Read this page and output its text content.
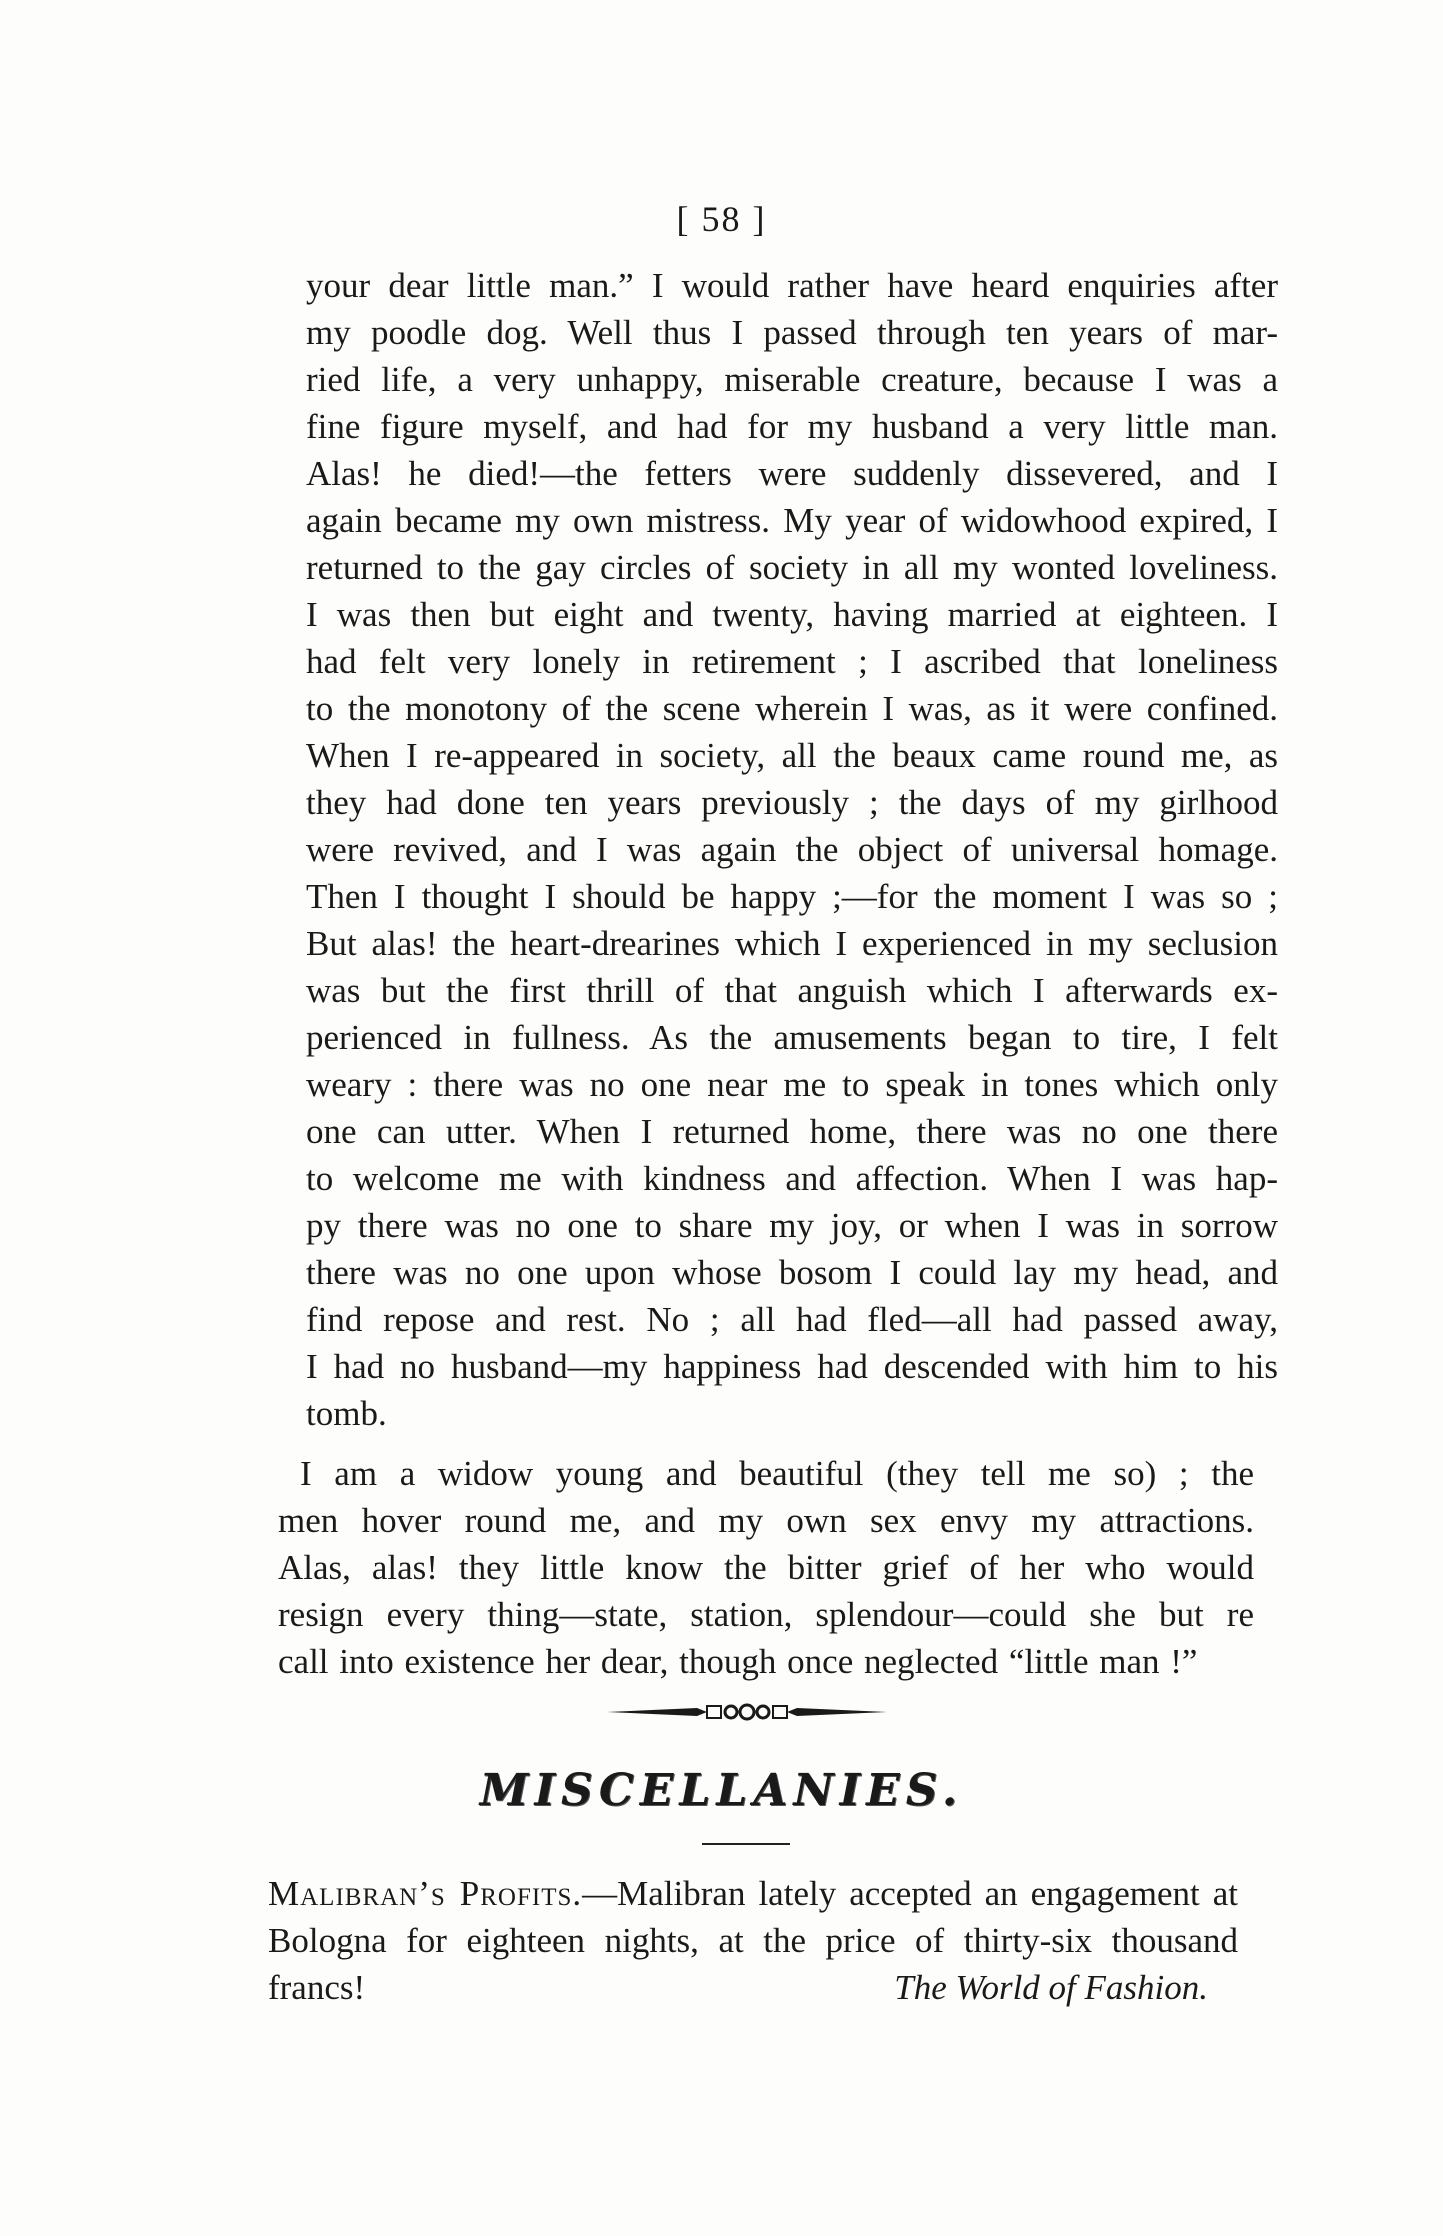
[ 58 ]
your dear little man.” I would rather have heard enquiries after
my poodle dog. Well thus I passed through ten years of mar-
ried life, a very unhappy, miserable creature, because I was a
fine figure myself, and had for my husband a very little man.
Alas! he died!—the fetters were suddenly dissevered, and I
again became my own mistress. My year of widowhood expired, I
returned to the gay circles of society in all my wonted loveliness.
I was then but eight and twenty, having married at eighteen. I
had felt very lonely in retirement ; I ascribed that loneliness
to the monotony of the scene wherein I was, as it were confined.
When I re-appeared in society, all the beaux came round me, as
they had done ten years previously ; the days of my girlhood
were revived, and I was again the object of universal homage.
Then I thought I should be happy ;—for the moment I was so ;
But alas! the heart-drearines which I experienced in my seclusion
was but the first thrill of that anguish which I afterwards ex-
perienced in fullness. As the amusements began to tire, I felt
weary : there was no one near me to speak in tones which only
one can utter. When I returned home, there was no one there
to welcome me with kindness and affection. When I was hap-
py there was no one to share my joy, or when I was in sorrow
there was no one upon whose bosom I could lay my head, and
find repose and rest. No ; all had fled—all had passed away,
I had no husband—my happiness had descended with him to his
tomb.
I am a widow young and beautiful (they tell me so) ; the
men hover round me, and my own sex envy my attractions.
Alas, alas! they little know the bitter grief of her who would
resign every thing—state, station, splendour—could she but re
call into existence her dear, though once neglected “little man !”
MISCELLANIES.
Malibran’s Profits.—Malibran lately accepted an engagement at Bologna for eighteen nights, at the price of thirty-six thousand francs!	The World of Fashion.
